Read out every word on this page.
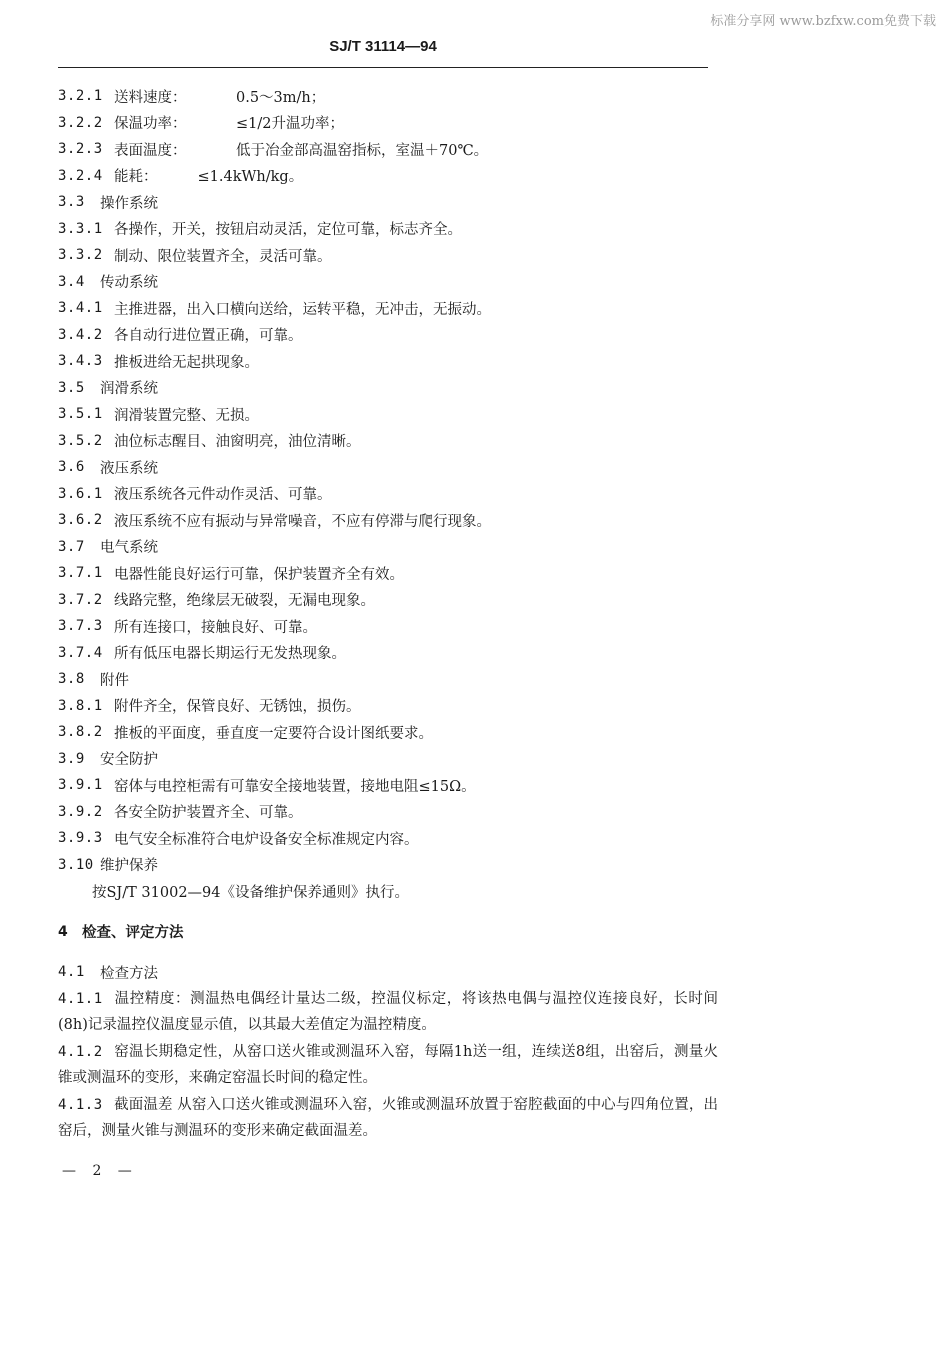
标准分享网 www.bzfxw.com免费下载
SJ/T 31114—94
3.2.1 送料速度：	0.5～3m/h；
3.2.2 保温功率：	≤1/2升温功率；
3.2.3 表面温度：	低于冶金部高温窑指标，室温＋70℃。
3.2.4 能耗：	≤1.4kWh/kg。
3.3	操作系统
3.3.1 各操作，开关，按钮启动灵活，定位可靠，标志齐全。
3.3.2 制动、限位装置齐全，灵活可靠。
3.4	传动系统
3.4.1 主推进器，出入口横向送给，运转平稳，无冲击，无振动。
3.4.2 各自动行进位置正确，可靠。
3.4.3 推板进给无起拱现象。
3.5	润滑系统
3.5.1 润滑装置完整、无损。
3.5.2 油位标志醒目、油窗明亮，油位清晰。
3.6	液压系统
3.6.1 液压系统各元件动作灵活、可靠。
3.6.2 液压系统不应有振动与异常噪音，不应有停滞与爬行现象。
3.7	电气系统
3.7.1 电器性能良好运行可靠，保护装置齐全有效。
3.7.2 线路完整，绝缘层无破裂，无漏电现象。
3.7.3 所有连接口，接触良好、可靠。
3.7.4 所有低压电器长期运行无发热现象。
3.8	附件
3.8.1 附件齐全，保管良好、无锈蚀，损伤。
3.8.2 推板的平面度，垂直度一定要符合设计图纸要求。
3.9	安全防护
3.9.1 窑体与电控柜需有可靠安全接地装置，接地电阻≤15Ω。
3.9.2 各安全防护装置齐全、可靠。
3.9.3 电气安全标准符合电炉设备安全标准规定内容。
3.10 维护保养
按SJ/T 31002—94《设备维护保养通则》执行。
4 检查、评定方法
4.1	检查方法
4.1.1 温控精度：测温热电偶经计量达二级，控温仪标定，将该热电偶与温控仪连接良好，长时间(8h)记录温控仪温度显示值，以其最大差值定为温控精度。
4.1.2 窑温长期稳定性，从窑口送火锥或测温环入窑，每隔1h送一组，连续送8组，出窑后，测量火锥或测温环的变形，来确定窑温长时间的稳定性。
4.1.3 截面温差 从窑入口送火锥或测温环入窑，火锥或测温环放置于窑腔截面的中心与四角位置，出窑后，测量火锥与测温环的变形来确定截面温差。
— 2 —
